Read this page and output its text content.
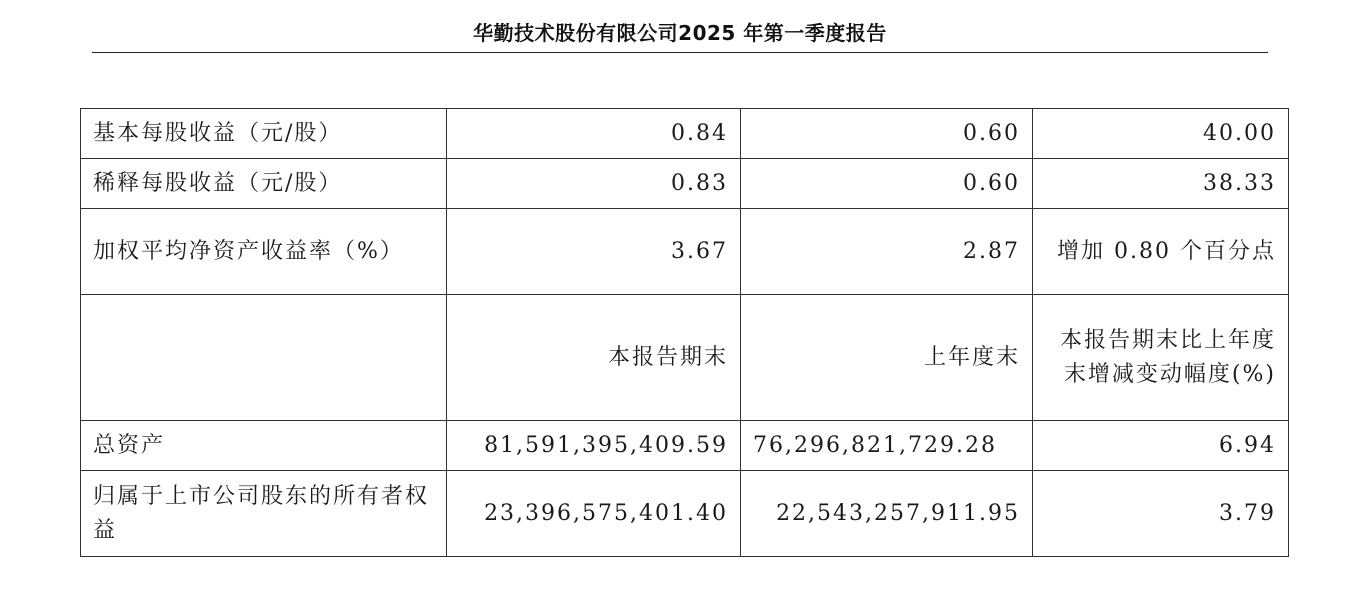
华勤技术股份有限公司2025 年第一季度报告
基本每股收益（元/股）	0.84	0.60	40.00
稀释每股收益（元/股）	0.83	0.60	38.33
加权平均净资产收益率（%）	3.67	2.87	增加 0.80 个百分点
	本报告期末	上年度末	本报告期末比上年度末增减变动幅度(%)
总资产	81,591,395,409.59	76,296,821,729.28	6.94
归属于上市公司股东的所有者权益	23,396,575,401.40	22,543,257,911.95	3.79
